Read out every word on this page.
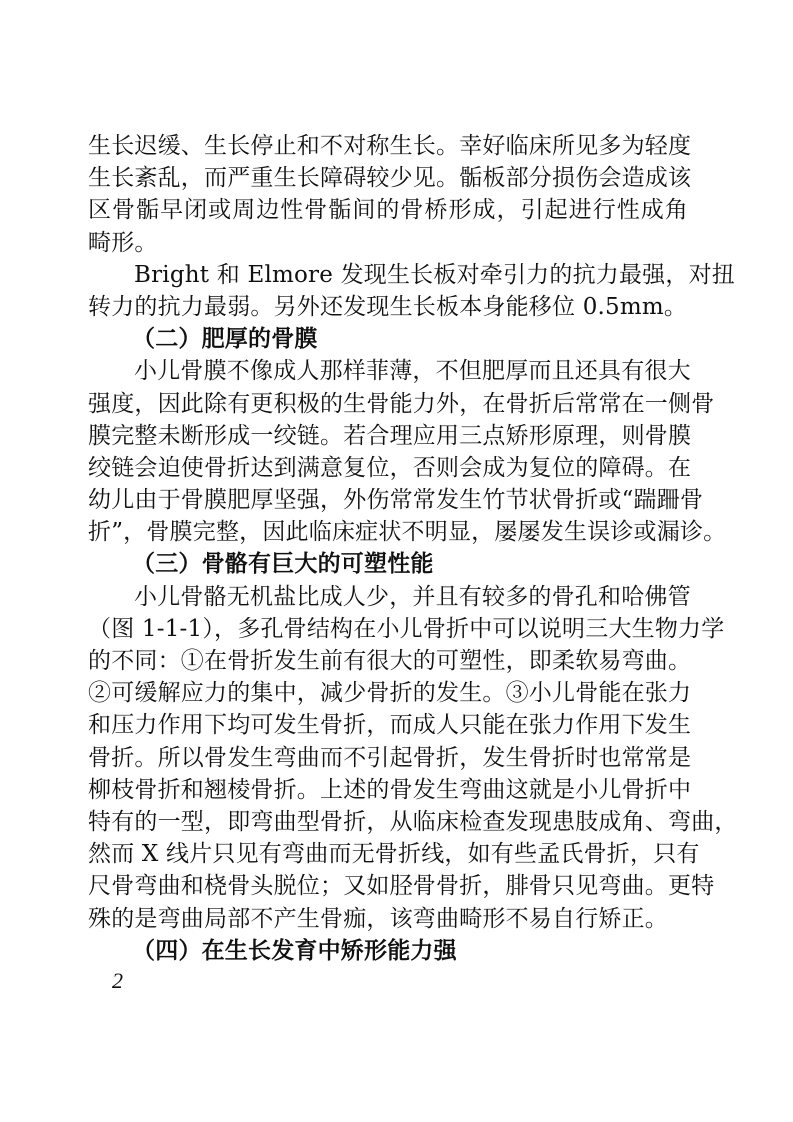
生长迟缓、生长停止和不对称生长。幸好临床所见多为轻度
生长紊乱，而严重生长障碍较少见。骺板部分损伤会造成该
区骨骺早闭或周边性骨骺间的骨桥形成，引起进行性成角
畸形。
Bright 和 Elmore 发现生长板对牵引力的抗力最强，对扭
转力的抗力最弱。另外还发现生长板本身能移位 0.5mm。
（二）肥厚的骨膜
小儿骨膜不像成人那样菲薄，不但肥厚而且还具有很大
强度，因此除有更积极的生骨能力外，在骨折后常常在一侧骨
膜完整未断形成一绞链。若合理应用三点矫形原理，则骨膜
绞链会迫使骨折达到满意复位，否则会成为复位的障碍。在
幼儿由于骨膜肥厚坚强，外伤常常发生竹节状骨折或“踹跚骨
折”，骨膜完整，因此临床症状不明显，屡屡发生误诊或漏诊。
（三）骨骼有巨大的可塑性能
小儿骨骼无机盐比成人少，并且有较多的骨孔和哈佛管
（图 1-1-1），多孔骨结构在小儿骨折中可以说明三大生物力学
的不同：①在骨折发生前有很大的可塑性，即柔软易弯曲。
②可缓解应力的集中，减少骨折的发生。③小儿骨能在张力
和压力作用下均可发生骨折，而成人只能在张力作用下发生
骨折。所以骨发生弯曲而不引起骨折，发生骨折时也常常是
柳枝骨折和翘棱骨折。上述的骨发生弯曲这就是小儿骨折中
特有的一型，即弯曲型骨折，从临床检查发现患肢成角、弯曲，
然而 X 线片只见有弯曲而无骨折线，如有些孟氏骨折，只有
尺骨弯曲和桡骨头脱位；又如胫骨骨折，腓骨只见弯曲。更特
殊的是弯曲局部不产生骨痂，该弯曲畸形不易自行矫正。
（四）在生长发育中矫形能力强
2
